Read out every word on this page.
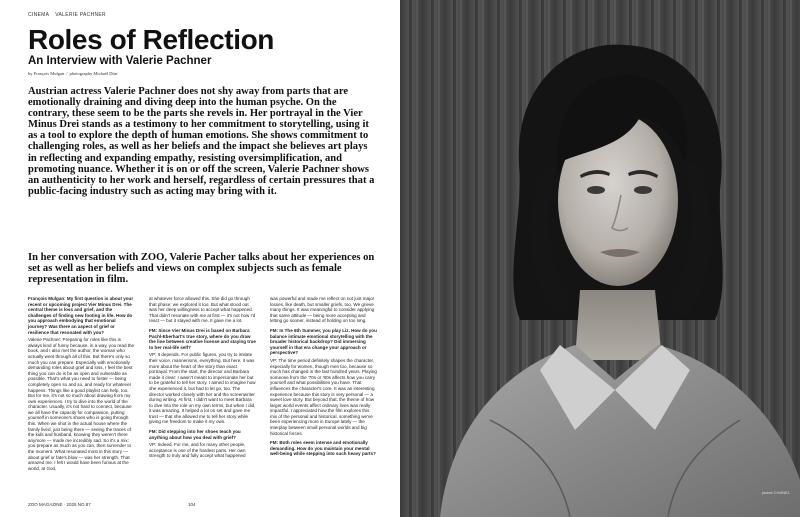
CINEMA VALERIE PACHNER
Roles of Reflection
An Interview with Valerie Pachner
by François Mulgan / photography Michaël Dürr

Austrian actress Valerie Pachner does not shy away from parts that are emotionally draining and diving deep into the human psyche. On the contrary, these seem to be the parts she revels in. Her portrayal in the Vier Minus Drei stands as a testimony to her commitment to storytelling, using it as a tool to explore the depth of human emotions. She shows commitment to challenging roles, as well as her beliefs and the impact she believes art plays in reflecting and expanding empathy, resisting oversimplification, and promoting nuance. Whether it is on or off the screen, Valerie Pachner shows an authenticity to her work and herself, regardless of certain pressures that a public-facing industry such as acting may bring with it.

In her conversation with ZOO, Valerie Pacher talks about her experiences on set as well as her beliefs and views on complex subjects such as female representation in film.

François Mulgan: My first question is about your recent or upcoming project Vier Minus Drei. The central theme is loss and grief, and the challenges of finding new footing in life. How do you approach embodying that emotional journey? Was there an aspect of grief or resilience that resonated with you?

Valerie Pachner: Preparing for roles like this is always kind of funny because, in a way, you read the book, and I also met the author, the woman who actually went through all of this. But there's only so much you can prepare. Especially with emotionally demanding roles about grief and loss, I feel the best thing you can do is be as open and vulnerable as possible. That's what you need to foster — being completely open so and so, and ready for whatever happens. Things like a good playlist can help, too. But for me, it's not so much about drawing from my own experiences. I try to dive into the world of the character. Usually, it's not hard to connect, because we all have the capacity for compassion, putting yourself in someone's shoes who is going through this. When we shot in the actual house where the family lived, just being there — seeing the traces of the kids and husband, knowing they weren't there anymore — made me incredibly sad. So it's a mix: you prepare as much as you can, then surrender to the moment. What resonated most in this story — about grief or fate's blow — was her strength. That amazed me. I felt I would have been furious at the world, at God,

at whatever force allowed this. She did go through that phase; we explored it too. But what stood out was her deep willingness to accept what happened. That didn't resonate with me at first — it's not how I'd react — but it stayed with me. It gave me a lot.

FM: Since Vier Minus Drei is based on Barbara Pachl-Eberhart's true story, where do you draw the line between creative license and staying true to her real-life self?

VP: It depends. For public figures, you try to imitate their voice, mannerisms, everything. But here, it was more about the heart of the story than exact portrayal. From the start, the director and Barbara made it clear: I wasn't meant to impersonate her but to be grateful to tell her story. I aimed to imagine how she experienced it, but had to let go, too. The director worked closely with her and the screenwriter during writing. At first, I didn't want to meet Barbara to dive into the role on my own terms, but when I did, it was amazing. It helped a lot on set and gave me trust — that she allowed me to tell her story while giving me freedom to make it my own.

FM: Did stepping into her shoes teach you anything about how you deal with grief?

VP: Indeed. For me, and for many other people, acceptance is one of the hardest parts. Her own strength to truly and fully accept what happened

was powerful and made me reflect on not just major losses, like death, but smaller griefs, too. We grieve many things. It was meaningful to consider applying that same attitude — being more accepting and letting go sooner, instead of holding on too long.

FM: In The 6th Summer, you play Liz. How do you balance intimate emotional storytelling with the broader historical backdrop? Did immersing yourself in that era change your approach or perspective?

VP: The time period definitely shapes the character, especially for women, though men too, because so much has changed in the last hundred years. Playing someone from the '70s or '80s affects how you carry yourself and what possibilities you have. That influences the character's core. It was an interesting experience because this story is very personal — a sweet love story. But beyond that, the theme of how larger world events affect ordinary lives was really impactful. I appreciated how the film explores this mix of the personal and historical, something we've been experiencing more in Europe lately — the interplay between small personal worlds and big historical forces.

FM: Both roles seem intense and emotionally demanding. How do you maintain your mental well-being while stepping into such heavy parts?
ZOO MAGAZINE · 2025 NO.87	104
jacket CHANEL
